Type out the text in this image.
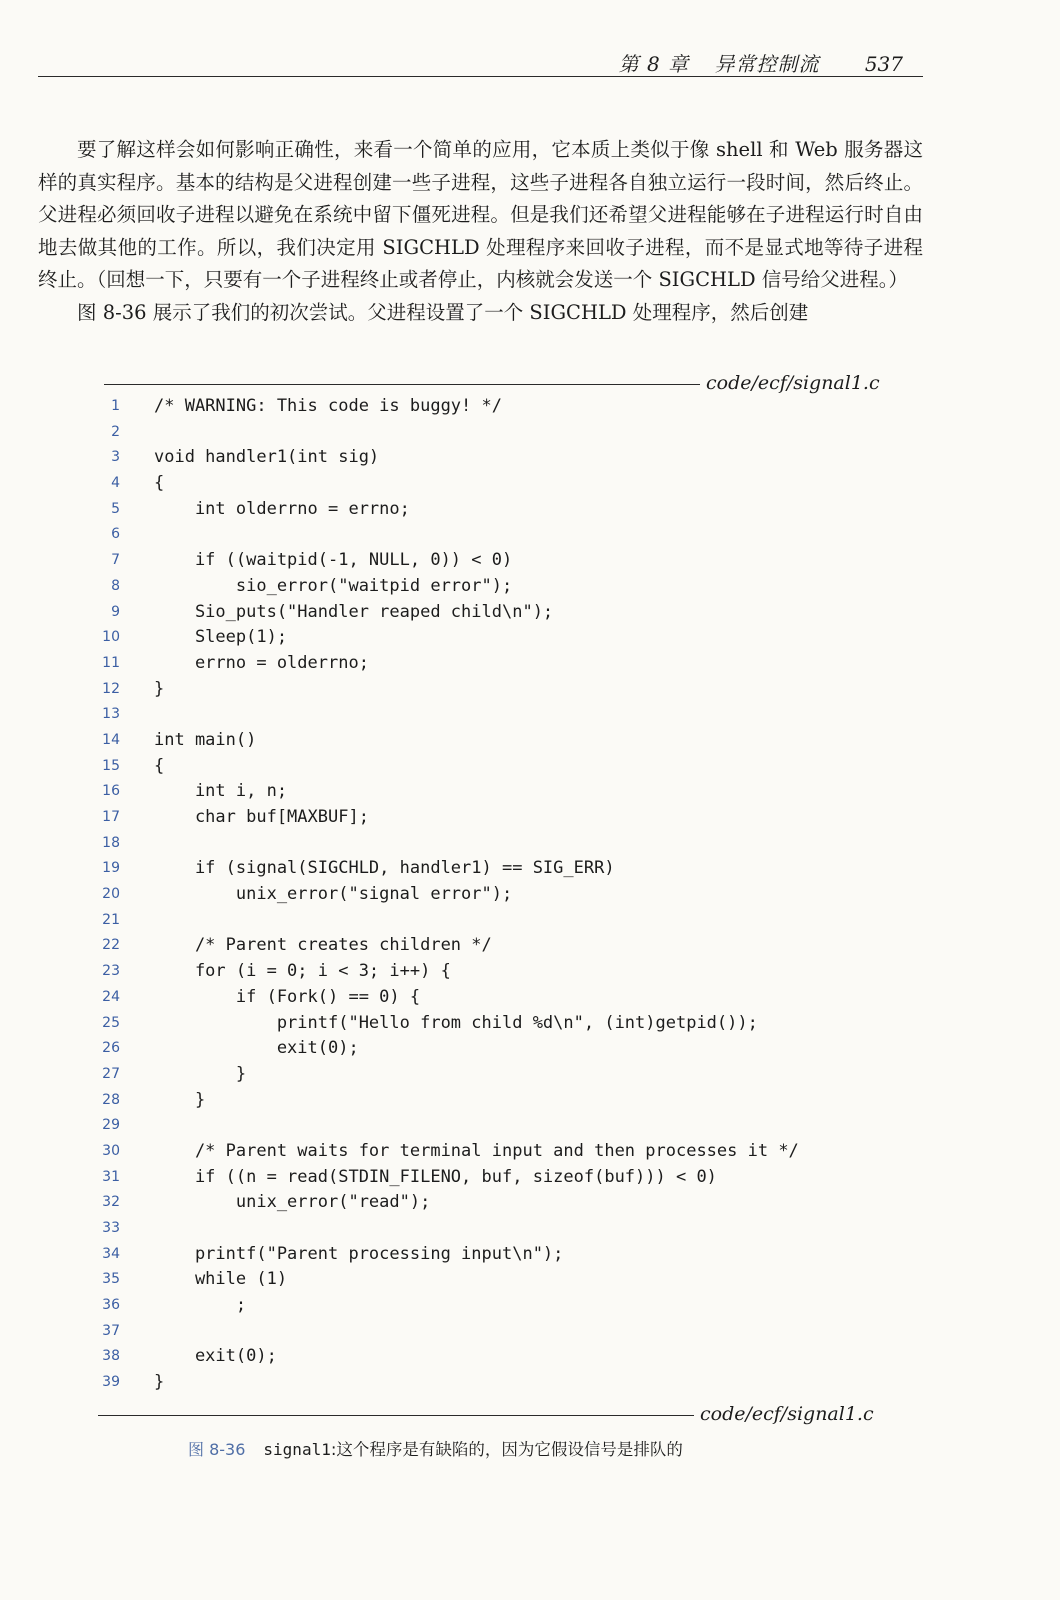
第 8 章 异常控制流 537

要了解这样会如何影响正确性，来看一个简单的应用，它本质上类似于像 shell 和 Web 服务器这样的真实程序。基本的结构是父进程创建一些子进程，这些子进程各自独立运行一段时间，然后终止。父进程必须回收子进程以避免在系统中留下僵死进程。但是我们还希望父进程能够在子进程运行时自由地去做其他的工作。所以，我们决定用 SIGCHLD 处理程序来回收子进程，而不是显式地等待子进程终止。（回想一下，只要有一个子进程终止或者停止，内核就会发送一个 SIGCHLD 信号给父进程。）

图 8-36 展示了我们的初次尝试。父进程设置了一个 SIGCHLD 处理程序，然后创建

code/ecf/signal1.c
1 /* WARNING: This code is buggy! */
2
3 void handler1(int sig)
4 {
5 int olderrno = errno;
6
7 if ((waitpid(-1, NULL, 0)) < 0)
8 sio_error("waitpid error");
9 Sio_puts("Handler reaped child\n");
10 Sleep(1);
11 errno = olderrno;
12 }
13
14 int main()
15 {
16 int i, n;
17 char buf[MAXBUF];
18
19 if (signal(SIGCHLD, handler1) == SIG_ERR)
20 unix_error("signal error");
21
22 /* Parent creates children */
23 for (i = 0; i < 3; i++) {
24 if (Fork() == 0) {
25 printf("Hello from child %d\n", (int)getpid());
26 exit(0);
27 }
28 }
29
30 /* Parent waits for terminal input and then processes it */
31 if ((n = read(STDIN_FILENO, buf, sizeof(buf))) < 0)
32 unix_error("read");
33
34 printf("Parent processing input\n");
35 while (1)
36 ;
37
38 exit(0);
39 }
code/ecf/signal1.c
图 8-36 signal1:这个程序是有缺陷的，因为它假设信号是排队的
